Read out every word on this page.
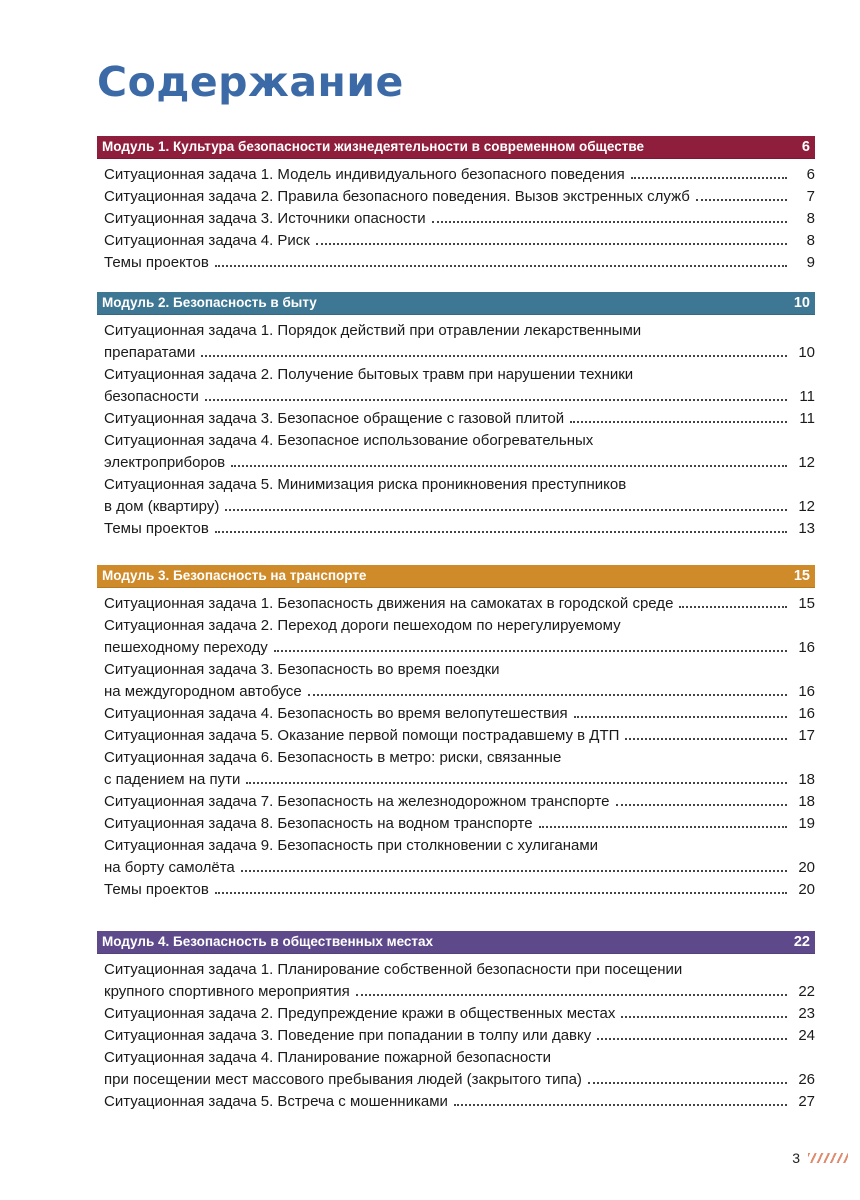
Содержание
Модуль 1. Культура безопасности жизнедеятельности в современном обществе	6
Ситуационная задача 1. Модель индивидуального безопасного поведения	6
Ситуационная задача 2. Правила безопасного поведения. Вызов экстренных служб	7
Ситуационная задача 3. Источники опасности	8
Ситуационная задача 4. Риск	8
Темы проектов	9
Модуль 2. Безопасность в быту	10
Ситуационная задача 1. Порядок действий при отравлении лекарственными
препаратами	10
Ситуационная задача 2. Получение бытовых травм при нарушении техники
безопасности	11
Ситуационная задача 3. Безопасное обращение с газовой плитой	11
Ситуационная задача 4. Безопасное использование обогревательных
электроприборов	12
Ситуационная задача 5. Минимизация риска проникновения преступников
в дом (квартиру)	12
Темы проектов	13
Модуль 3. Безопасность на транспорте	15
Ситуационная задача 1. Безопасность движения на самокатах в городской среде	15
Ситуационная задача 2. Переход дороги пешеходом по нерегулируемому
пешеходному переходу	16
Ситуационная задача 3. Безопасность во время поездки
на междугородном автобусе	16
Ситуационная задача 4. Безопасность во время велопутешествия	16
Ситуационная задача 5. Оказание первой помощи пострадавшему в ДТП	17
Ситуационная задача 6. Безопасность в метро: риски, связанные
с падением на пути	18
Ситуационная задача 7. Безопасность на железнодорожном транспорте	18
Ситуационная задача 8. Безопасность на водном транспорте	19
Ситуационная задача 9. Безопасность при столкновении с хулиганами
на борту самолёта	20
Темы проектов	20
Модуль 4. Безопасность в общественных местах	22
Ситуационная задача 1. Планирование собственной безопасности при посещении
крупного спортивного мероприятия	22
Ситуационная задача 2. Предупреждение кражи в общественных местах	23
Ситуационная задача 3. Поведение при попадании в толпу или давку	24
Ситуационная задача 4. Планирование пожарной безопасности
при посещении мест массового пребывания людей (закрытого типа)	26
Ситуационная задача 5. Встреча с мошенниками	27
3
